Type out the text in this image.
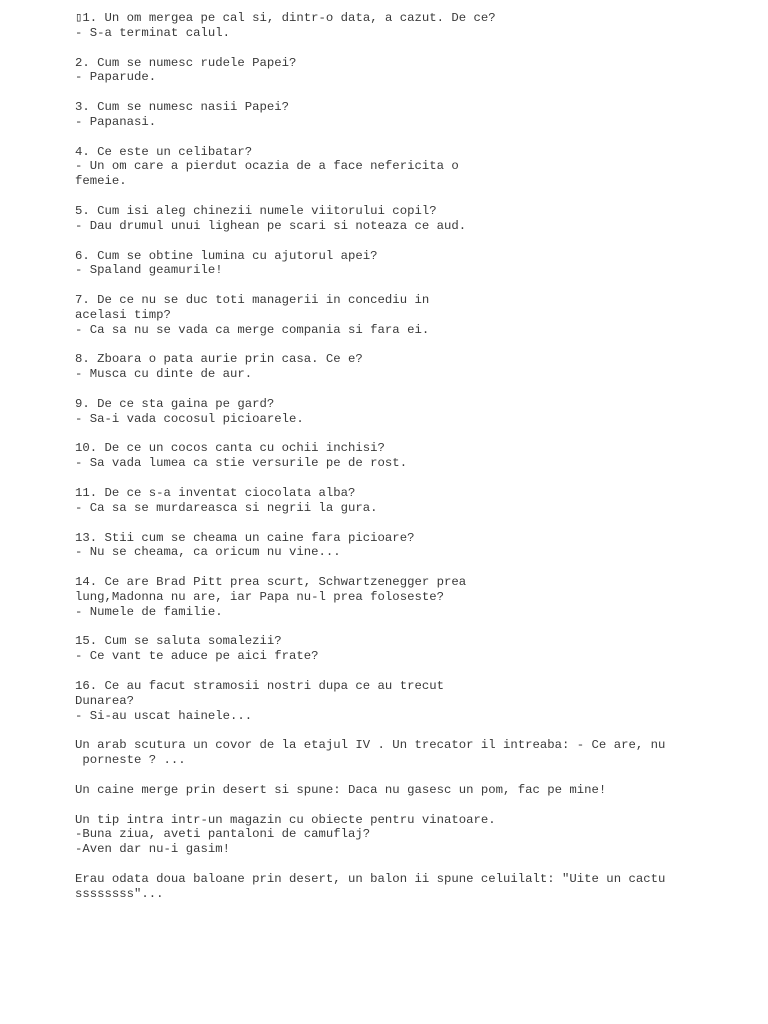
▯1. Un om mergea pe cal si, dintr-o data, a cazut. De ce?
- S-a terminat calul.
2. Cum se numesc rudele Papei?
- Paparude.
3. Cum se numesc nasii Papei?
- Papanasi.
4. Ce este un celibatar?
- Un om care a pierdut ocazia de a face nefericita o
femeie.
5. Cum isi aleg chinezii numele viitorului copil?
- Dau drumul unui lighean pe scari si noteaza ce aud.
6. Cum se obtine lumina cu ajutorul apei?
- Spaland geamurile!
7. De ce nu se duc toti managerii in concediu in
acelasi timp?
- Ca sa nu se vada ca merge compania si fara ei.
8. Zboara o pata aurie prin casa. Ce e?
- Musca cu dinte de aur.
9. De ce sta gaina pe gard?
- Sa-i vada cocosul picioarele.
10. De ce un cocos canta cu ochii inchisi?
- Sa vada lumea ca stie versurile pe de rost.
11. De ce s-a inventat ciocolata alba?
- Ca sa se murdareasca si negrii la gura.
13. Stii cum se cheama un caine fara picioare?
- Nu se cheama, ca oricum nu vine...
14. Ce are Brad Pitt prea scurt, Schwartzenegger prea
lung,Madonna nu are, iar Papa nu-l prea foloseste?
- Numele de familie.
15. Cum se saluta somalezii?
- Ce vant te aduce pe aici frate?
16. Ce au facut stramosii nostri dupa ce au trecut
Dunarea?
- Si-au uscat hainele...
Un arab scutura un covor de la etajul IV . Un trecator il intreaba: - Ce are, nu
porneste ? ...
Un caine merge prin desert si spune: Daca nu gasesc un pom, fac pe mine!
Un tip intra intr-un magazin cu obiecte pentru vinatoare.
-Buna ziua, aveti pantaloni de camuflaj?
-Aven dar nu-i gasim!
Erau odata doua baloane prin desert, un balon ii spune celuilalt: "Uite un cactu
ssssssss"...
